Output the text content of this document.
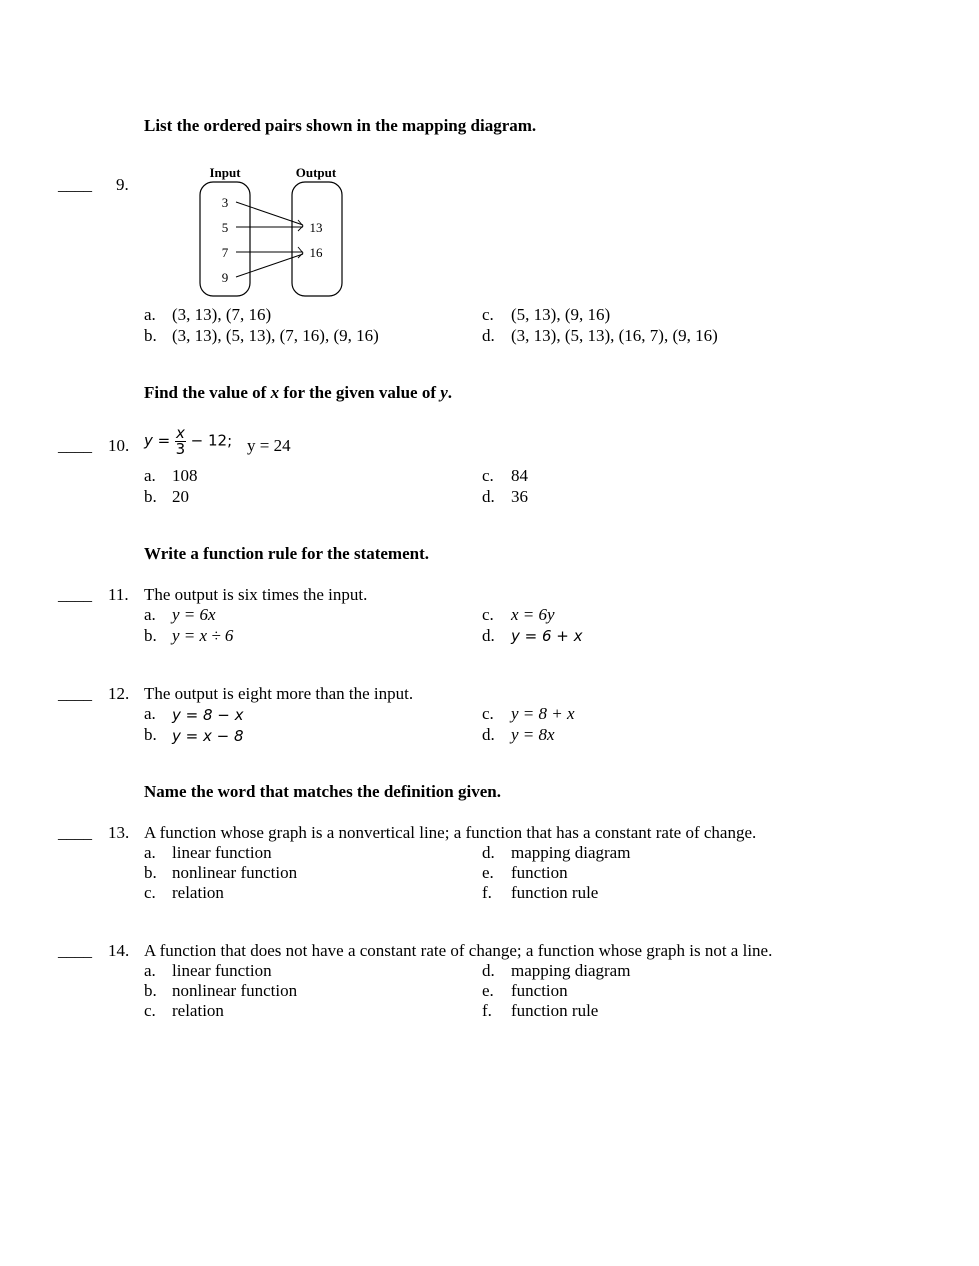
List the ordered pairs shown in the mapping diagram.
____ 9.
Input	Output
3
5
7
9
13
16
a. (3, 13), (7, 16)
b. (3, 13), (5, 13), (7, 16), (9, 16)
c. (5, 13), (9, 16)
d. (3, 13), (5, 13), (16, 7), (9, 16)
Find the value of x for the given value of y.
____ 10. $y = \frac{x}{3} - 12$; y = 24
a. 108
b. 20
c. 84
d. 36
Write a function rule for the statement.
____ 11. The output is six times the input.
a. y = 6x
b. y = x ÷ 6
c. x = 6y
d. y = 6 + x
____ 12. The output is eight more than the input.
a. y = 8 − x
b. y = x − 8
c. y = 8 + x
d. y = 8x
Name the word that matches the definition given.
____ 13. A function whose graph is a nonvertical line; a function that has a constant rate of change.
a. linear function
b. nonlinear function
c. relation
d. mapping diagram
e. function
f. function rule
____ 14. A function that does not have a constant rate of change; a function whose graph is not a line.
a. linear function
b. nonlinear function
c. relation
d. mapping diagram
e. function
f. function rule
